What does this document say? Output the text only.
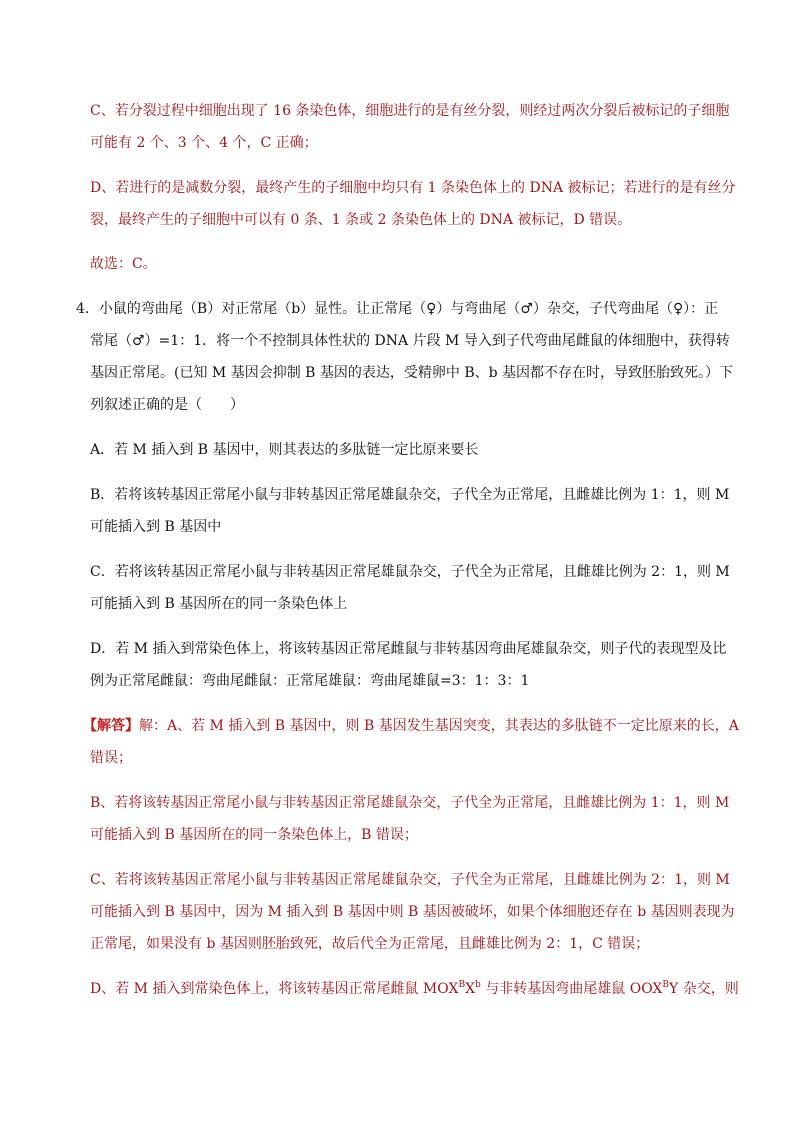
C、若分裂过程中细胞出现了 16 条染色体，细胞进行的是有丝分裂，则经过两次分裂后被标记的子细胞
可能有 2 个、3 个、4 个，C 正确；
D、若进行的是减数分裂，最终产生的子细胞中均只有 1 条染色体上的 DNA 被标记；若进行的是有丝分
裂，最终产生的子细胞中可以有 0 条、1 条或 2 条染色体上的 DNA 被标记，D 错误。
故选：C。
4．小鼠的弯曲尾（B）对正常尾（b）显性。让正常尾（♀）与弯曲尾（♂）杂交，子代弯曲尾（♀）：正
常尾（♂）=1：1．将一个不控制具体性状的 DNA 片段 M 导入到子代弯曲尾雌鼠的体细胞中，获得转
基因正常尾。(已知 M 基因会抑制 B 基因的表达，受精卵中 B、b 基因都不存在时，导致胚胎致死。）下
列叙述正确的是（　　）
A．若 M 插入到 B 基因中，则其表达的多肽链一定比原来要长
B．若将该转基因正常尾小鼠与非转基因正常尾雄鼠杂交，子代全为正常尾，且雌雄比例为 1：1，则 M
可能插入到 B 基因中
C．若将该转基因正常尾小鼠与非转基因正常尾雄鼠杂交，子代全为正常尾，且雌雄比例为 2：1，则 M
可能插入到 B 基因所在的同一条染色体上
D．若 M 插入到常染色体上，将该转基因正常尾雌鼠与非转基因弯曲尾雄鼠杂交，则子代的表现型及比
例为正常尾雌鼠：弯曲尾雌鼠：正常尾雄鼠：弯曲尾雄鼠=3：1：3：1
【解答】解：A、若 M 插入到 B 基因中，则 B 基因发生基因突变，其表达的多肽链不一定比原来的长，A
错误；
B、若将该转基因正常尾小鼠与非转基因正常尾雄鼠杂交，子代全为正常尾，且雌雄比例为 1：1，则 M
可能插入到 B 基因所在的同一条染色体上，B 错误；
C、若将该转基因正常尾小鼠与非转基因正常尾雄鼠杂交，子代全为正常尾，且雌雄比例为 2：1，则 M
可能插入到 B 基因中，因为 M 插入到 B 基因中则 B 基因被破坏，如果个体细胞还存在 b 基因则表现为
正常尾，如果没有 b 基因则胚胎致死，故后代全为正常尾，且雌雄比例为 2：1，C 错误；
D、若 M 插入到常染色体上，将该转基因正常尾雌鼠 $MOX^BX^b$ 与非转基因弯曲尾雄鼠 $OOX^BY$ 杂交，则
